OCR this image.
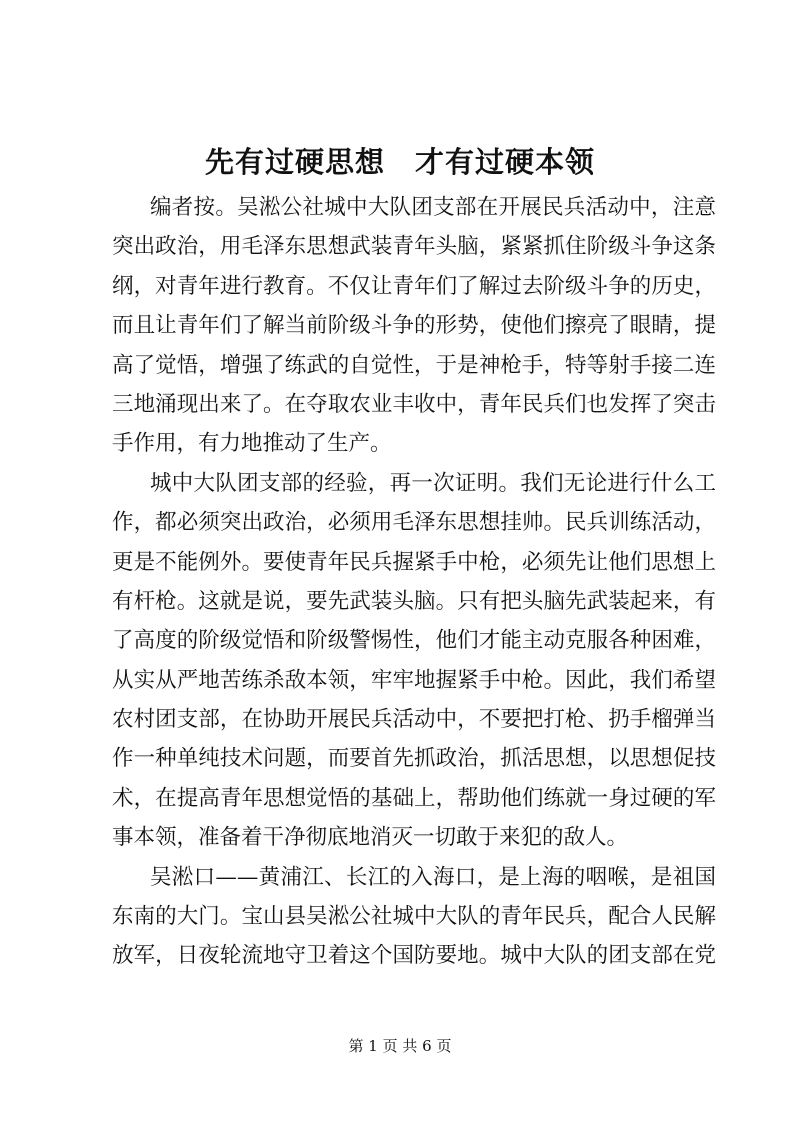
先有过硬思想　才有过硬本领
编者按。吴淞公社城中大队团支部在开展民兵活动中，注意
突出政治，用毛泽东思想武装青年头脑，紧紧抓住阶级斗争这条
纲，对青年进行教育。不仅让青年们了解过去阶级斗争的历史，
而且让青年们了解当前阶级斗争的形势，使他们擦亮了眼睛，提
高了觉悟，增强了练武的自觉性，于是神枪手，特等射手接二连
三地涌现出来了。在夺取农业丰收中，青年民兵们也发挥了突击
手作用，有力地推动了生产。
城中大队团支部的经验，再一次证明。我们无论进行什么工
作，都必须突出政治，必须用毛泽东思想挂帅。民兵训练活动，
更是不能例外。要使青年民兵握紧手中枪，必须先让他们思想上
有杆枪。这就是说，要先武装头脑。只有把头脑先武装起来，有
了高度的阶级觉悟和阶级警惕性，他们才能主动克服各种困难，
从实从严地苦练杀敌本领，牢牢地握紧手中枪。因此，我们希望
农村团支部，在协助开展民兵活动中，不要把打枪、扔手榴弹当
作一种单纯技术问题，而要首先抓政治，抓活思想，以思想促技
术，在提高青年思想觉悟的基础上，帮助他们练就一身过硬的军
事本领，准备着干净彻底地消灭一切敢于来犯的敌人。
吴淞口——黄浦江、长江的入海口，是上海的咽喉，是祖国
东南的大门。宝山县吴淞公社城中大队的青年民兵，配合人民解
放军，日夜轮流地守卫着这个国防要地。城中大队的团支部在党
第 1 页 共 6 页
